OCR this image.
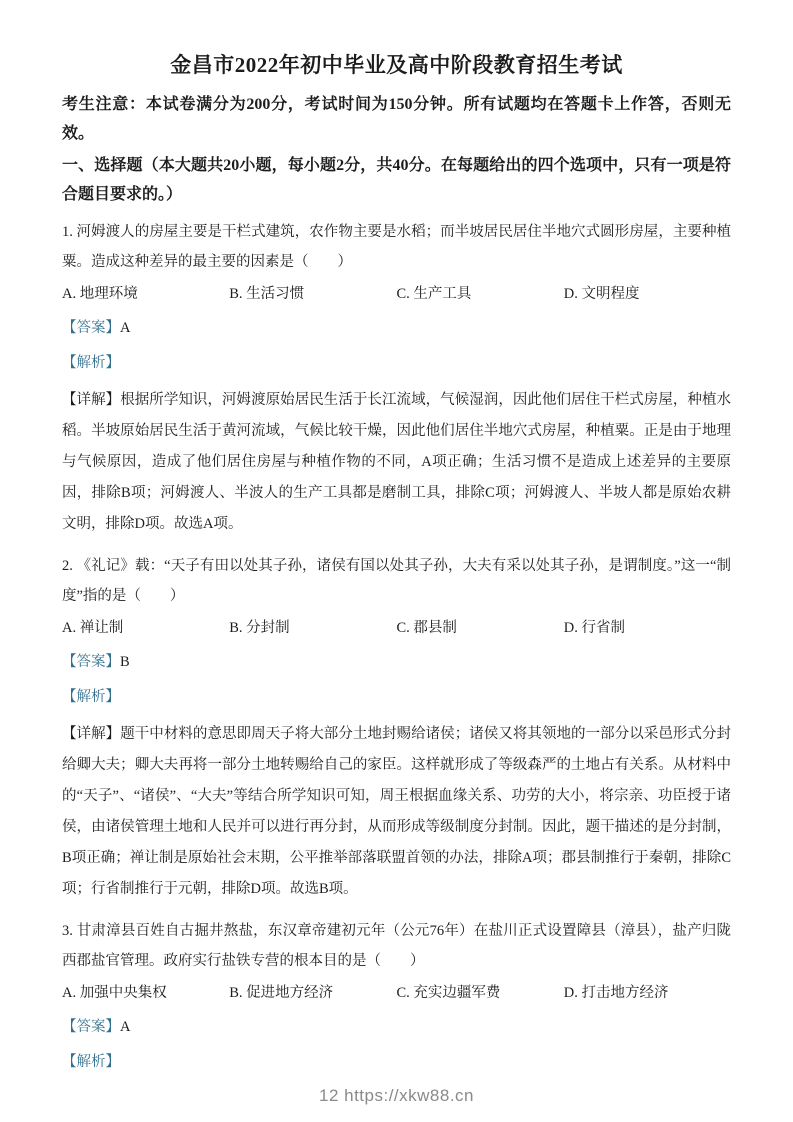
金昌市2022年初中毕业及高中阶段教育招生考试

考生注意：本试卷满分为200分，考试时间为150分钟。所有试题均在答题卡上作答，否则无效。

一、选择题（本大题共20小题，每小题2分，共40分。在每题给出的四个选项中，只有一项是符合题目要求的。）

1. 河姆渡人的房屋主要是干栏式建筑，农作物主要是水稻；而半坡居民居住半地穴式圆形房屋，主要种植粟。造成这种差异的最主要的因素是（　　）

A. 地理环境	B. 生活习惯	C. 生产工具	D. 文明程度

【答案】A

【解析】

【详解】根据所学知识，河姆渡原始居民生活于长江流域，气候湿润，因此他们居住干栏式房屋，种植水稻。半坡原始居民生活于黄河流域，气候比较干燥，因此他们居住半地穴式房屋，种植粟。正是由于地理与气候原因，造成了他们居住房屋与种植作物的不同，A项正确；生活习惯不是造成上述差异的主要原因，排除B项；河姆渡人、半波人的生产工具都是磨制工具，排除C项；河姆渡人、半坡人都是原始农耕文明，排除D项。故选A项。

2. 《礼记》载：“天子有田以处其子孙，诸侯有国以处其子孙，大夫有采以处其子孙，是谓制度。”这一“制度”指的是（　　）

A. 禅让制	B. 分封制	C. 郡县制	D. 行省制

【答案】B

【解析】

【详解】题干中材料的意思即周天子将大部分土地封赐给诸侯；诸侯又将其领地的一部分以采邑形式分封给卿大夫；卿大夫再将一部分土地转赐给自己的家臣。这样就形成了等级森严的土地占有关系。从材料中的“天子”、“诸侯”、“大夫”等结合所学知识可知，周王根据血缘关系、功劳的大小，将宗亲、功臣授于诸侯，由诸侯管理土地和人民并可以进行再分封，从而形成等级制度分封制。因此，题干描述的是分封制，B项正确；禅让制是原始社会末期，公平推举部落联盟首领的办法，排除A项；郡县制推行于秦朝，排除C项；行省制推行于元朝，排除D项。故选B项。

3. 甘肃漳县百姓自古掘井熬盐，东汉章帝建初元年（公元76年）在盐川正式设置障县（漳县），盐产归陇西郡盐官管理。政府实行盐铁专营的根本目的是（　　）

A. 加强中央集权	B. 促进地方经济	C. 充实边疆军费	D. 打击地方经济

【答案】A

【解析】

12 https://xkw88.cn
